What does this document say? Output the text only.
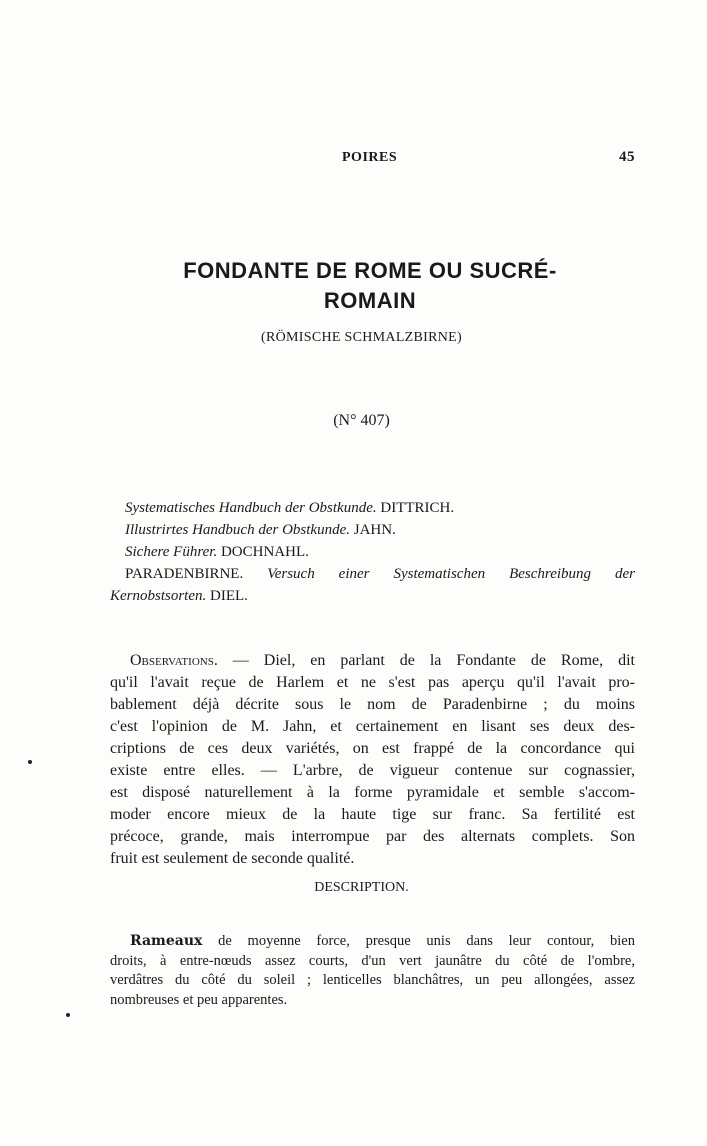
POIRES	45
FONDANTE DE ROME OU SUCRÉ-ROMAIN
(RÖMISCHE SCHMALZBIRNE)
(N° 407)
Systematisches Handbuch der Obstkunde. DITTRICH.
Illustrirtes Handbuch der Obstkunde. JAHN.
Sichere Führer. DOCHNAHL.
PARADENBIRNE. Versuch einer Systematischen Beschreibung der
Kernobstsorten. DIEL.
Observations. — Diel, en parlant de la Fondante de Rome, dit
qu'il l'avait reçue de Harlem et ne s'est pas aperçu qu'il l'avait pro-
bablement déjà décrite sous le nom de Paradenbirne ; du moins
c'est l'opinion de M. Jahn, et certainement en lisant ses deux des-
criptions de ces deux variétés, on est frappé de la concordance qui
existe entre elles. — L'arbre, de vigueur contenue sur cognassier,
est disposé naturellement à la forme pyramidale et semble s'accom-
moder encore mieux de la haute tige sur franc. Sa fertilité est
précoce, grande, mais interrompue par des alternats complets. Son
fruit est seulement de seconde qualité.
DESCRIPTION.
Rameaux de moyenne force, presque unis dans leur contour, bien
droits, à entre-nœuds assez courts, d'un vert jaunâtre du côté de l'ombre,
verdâtres du côté du soleil ; lenticelles blanchâtres, un peu allongées, assez
nombreuses et peu apparentes.
